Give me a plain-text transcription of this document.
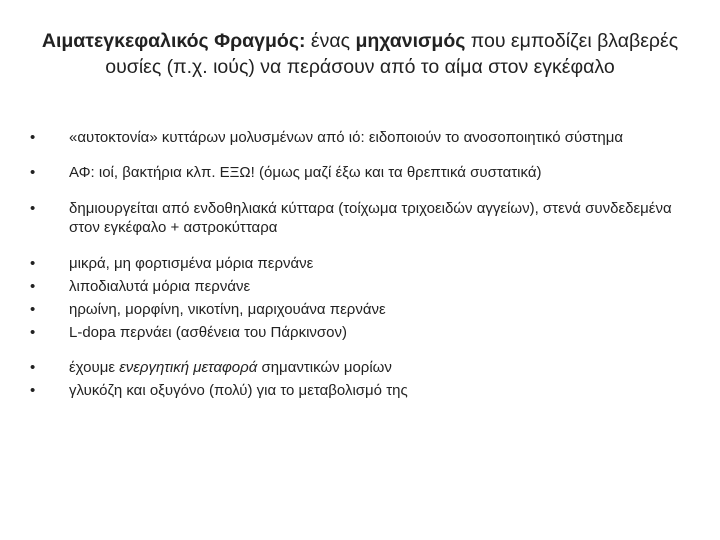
Αιματεγκεφαλικός Φραγμός: ένας μηχανισμός που εμποδίζει βλαβερές ουσίες (π.χ. ιούς) να περάσουν από το αίμα στον εγκέφαλο
•	«αυτοκτονία» κυττάρων μολυσμένων από ιό: ειδοποιούν το ανοσοποιητικό σύστημα
•	ΑΦ: ιοί, βακτήρια κλπ. ΕΞΩ! (όμως μαζί έξω και τα θρεπτικά συστατικά)
•	δημιουργείται από ενδοθηλιακά κύτταρα (τοίχωμα τριχοειδών αγγείων), στενά συνδεδεμένα στον εγκέφαλο + αστροκύτταρα
•	μικρά, μη φορτισμένα μόρια περνάνε
•	λιποδιαλυτά μόρια περνάνε
•	ηρωίνη, μορφίνη, νικοτίνη, μαριχουάνα περνάνε
•	L-dopa περνάει (ασθένεια του Πάρκινσον)
•	έχουμε ενεργητική μεταφορά σημαντικών μορίων
•	γλυκόζη και οξυγόνο (πολύ) για το μεταβολισμό της
